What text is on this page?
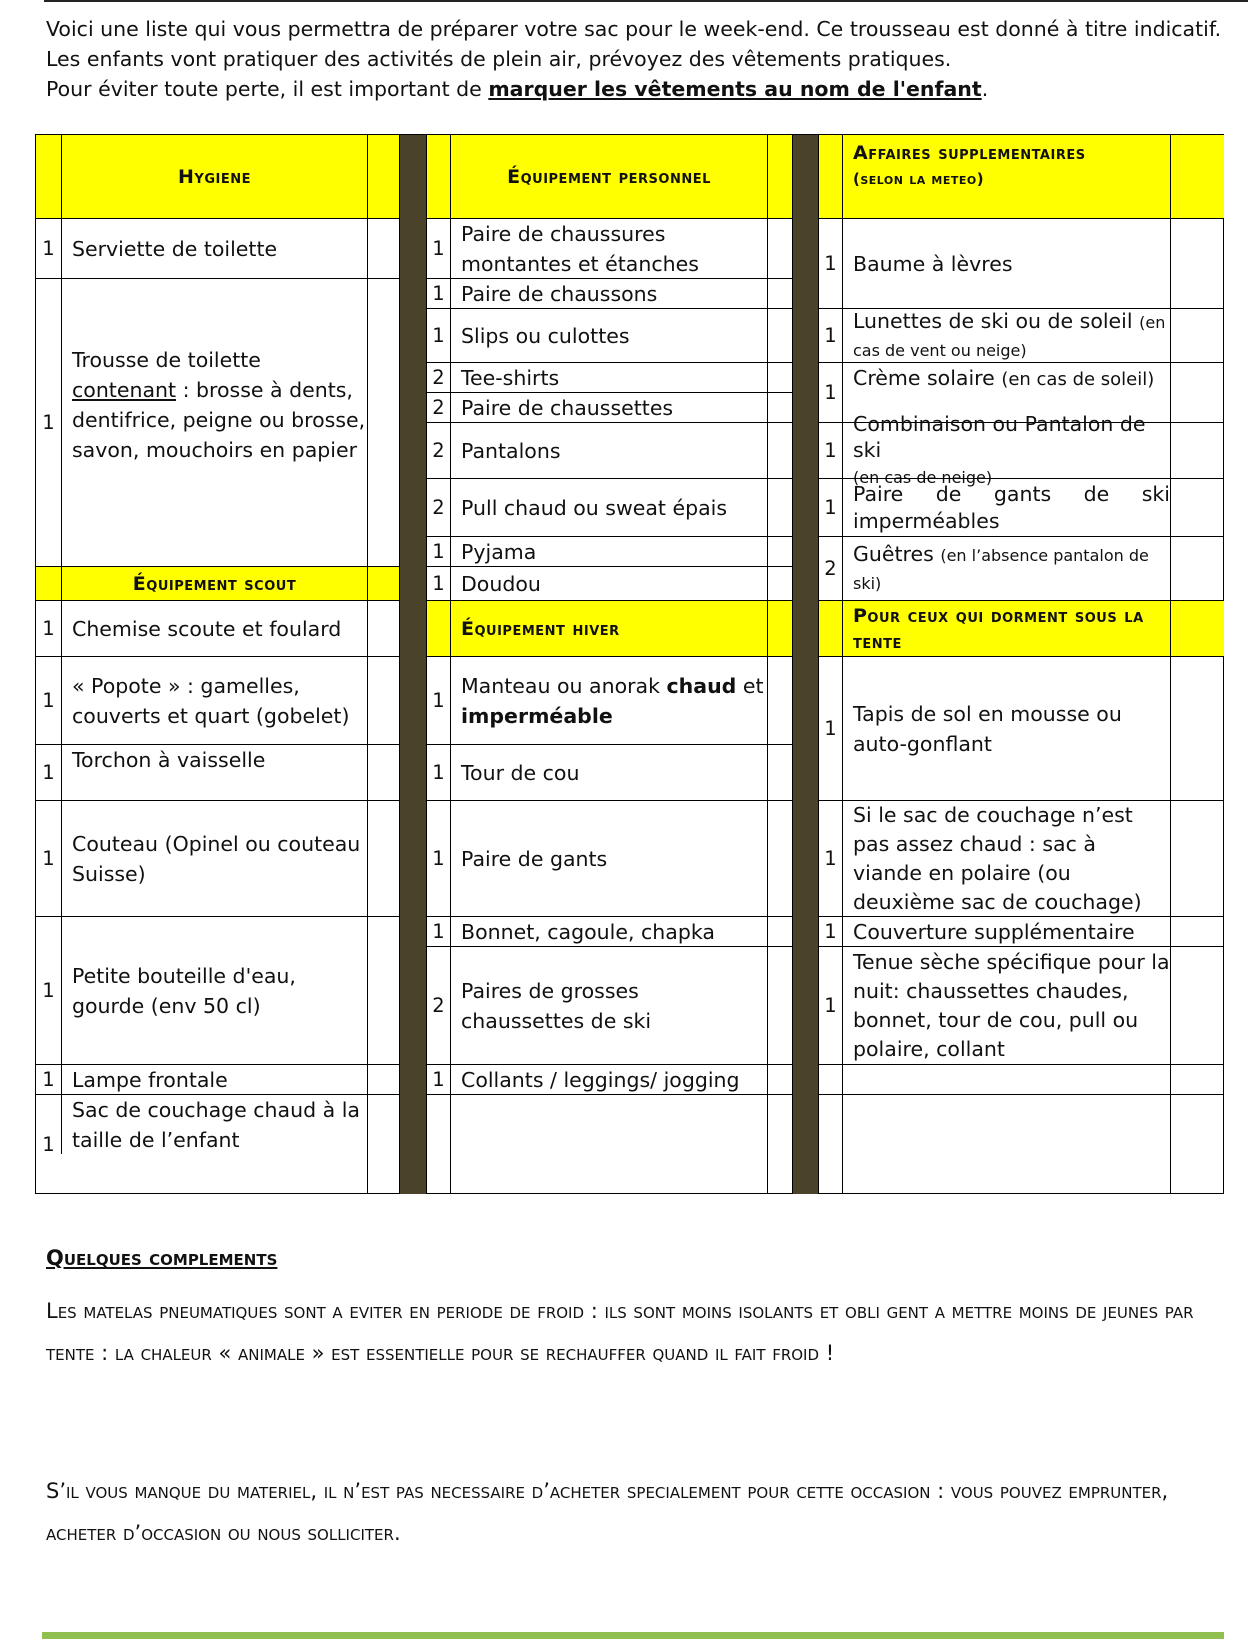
Voici une liste qui vous permettra de préparer votre sac pour le week-end. Ce trousseau est donné à titre indicatif.

Les enfants vont pratiquer des activités de plein air, prévoyez des vêtements pratiques.

Pour éviter toute perte, il est important de marquer les vêtements au nom de l'enfant.

Hygiene
1 Serviette de toilette
1
Trousse de toilette
contenant : brosse à dents, dentifrice, peigne ou brosse,
savon, mouchoirs en papier
Équipement scout
1 Chemise scoute et foulard
1
« Popote » : gamelles, couverts et quart (gobelet)
1
Torchon à vaisselle
1
Couteau (Opinel ou couteau Suisse)
1
Petite bouteille d'eau, gourde (env 50 cl)
1 Lampe frontale
1
Sac de couchage chaud à la taille de l’enfant
Équipement personnel
1
Paire de chaussures montantes et étanches
1 Paire de chaussons
1 Slips ou culottes
2 Tee-shirts
2 Paire de chaussettes
2 Pantalons
2 Pull chaud ou sweat épais
1 Pyjama
1 Doudou
Équipement hiver
1
Manteau ou anorak chaud et
imperméable
1 Tour de cou
1 Paire de gants
1 Bonnet, cagoule, chapka
2
Paires de grosses chaussettes de ski
1 Collants / leggings/ jogging
Affaires supplementaires
(selon la meteo)
1 Baume à lèvres
1
Lunettes de ski ou de soleil (en cas de vent ou neige)
1
Crème solaire (en cas de soleil)
1
Combinaison ou Pantalon de ski
(en cas de neige)
1
Paire de gants de ski imperméables
2
Guêtres (en l’absence pantalon de ski)
Pour ceux qui dorment sous la tente
1
Tapis de sol en mousse ou auto-gonflant
1
Si le sac de couchage n’est pas assez chaud : sac à viande en polaire (ou deuxième sac de couchage)
1 Couverture supplémentaire
1
Tenue sèche spécifique pour la nuit: chaussettes chaudes, bonnet, tour de cou, pull ou polaire, collant
Quelques complements
Les matelas pneumatiques sont a eviter en periode de froid : ils sont moins isolants et obli gent a mettre moins de jeunes par tente : la chaleur « animale » est essentielle pour se rechauffer quand il fait froid !
S’il vous manque du materiel, il n’est pas necessaire d’acheter specialement pour cette occasion : vous pouvez emprunter, acheter d’occasion ou nous solliciter.
